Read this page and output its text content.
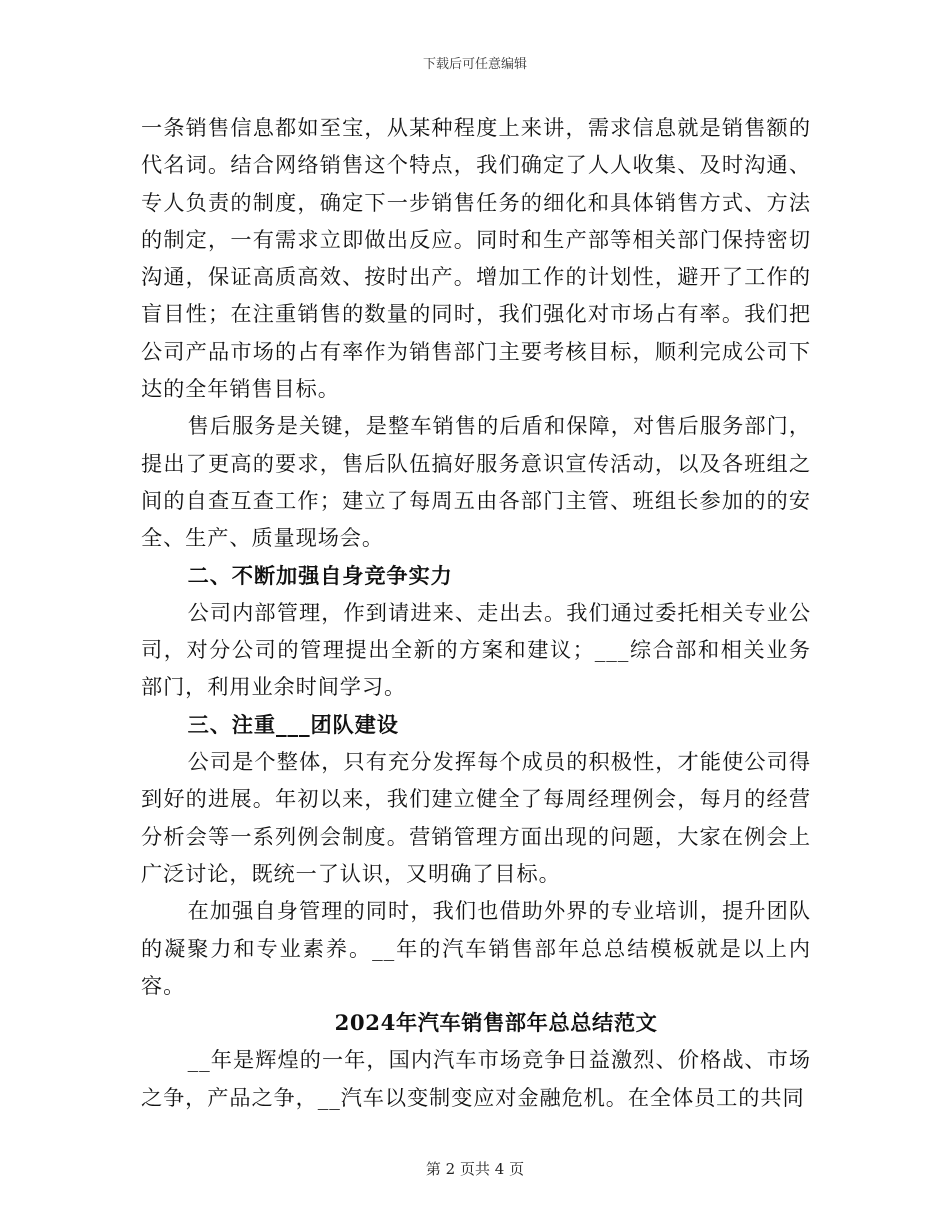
下载后可任意编辑

一条销售信息都如至宝，从某种程度上来讲，需求信息就是销售额的代名词。结合网络销售这个特点，我们确定了人人收集、及时沟通、专人负责的制度，确定下一步销售任务的细化和具体销售方式、方法的制定，一有需求立即做出反应。同时和生产部等相关部门保持密切沟通，保证高质高效、按时出产。增加工作的计划性，避开了工作的盲目性；在注重销售的数量的同时，我们强化对市场占有率。我们把公司产品市场的占有率作为销售部门主要考核目标，顺利完成公司下达的全年销售目标。

售后服务是关键，是整车销售的后盾和保障，对售后服务部门，提出了更高的要求，售后队伍搞好服务意识宣传活动，以及各班组之间的自查互查工作；建立了每周五由各部门主管、班组长参加的的安全、生产、质量现场会。

二、不断加强自身竞争实力

公司内部管理，作到请进来、走出去。我们通过委托相关专业公司，对分公司的管理提出全新的方案和建议；___综合部和相关业务部门，利用业余时间学习。

三、注重___团队建设

公司是个整体，只有充分发挥每个成员的积极性，才能使公司得到好的进展。年初以来，我们建立健全了每周经理例会，每月的经营分析会等一系列例会制度。营销管理方面出现的问题，大家在例会上广泛讨论，既统一了认识，又明确了目标。

在加强自身管理的同时，我们也借助外界的专业培训，提升团队的凝聚力和专业素养。__年的汽车销售部年总总结模板就是以上内容。

2024年汽车销售部年总总结范文

__年是辉煌的一年，国内汽车市场竞争日益激烈、价格战、市场之争，产品之争，__汽车以变制变应对金融危机。在全体员工的共同

第 2 页共 4 页
